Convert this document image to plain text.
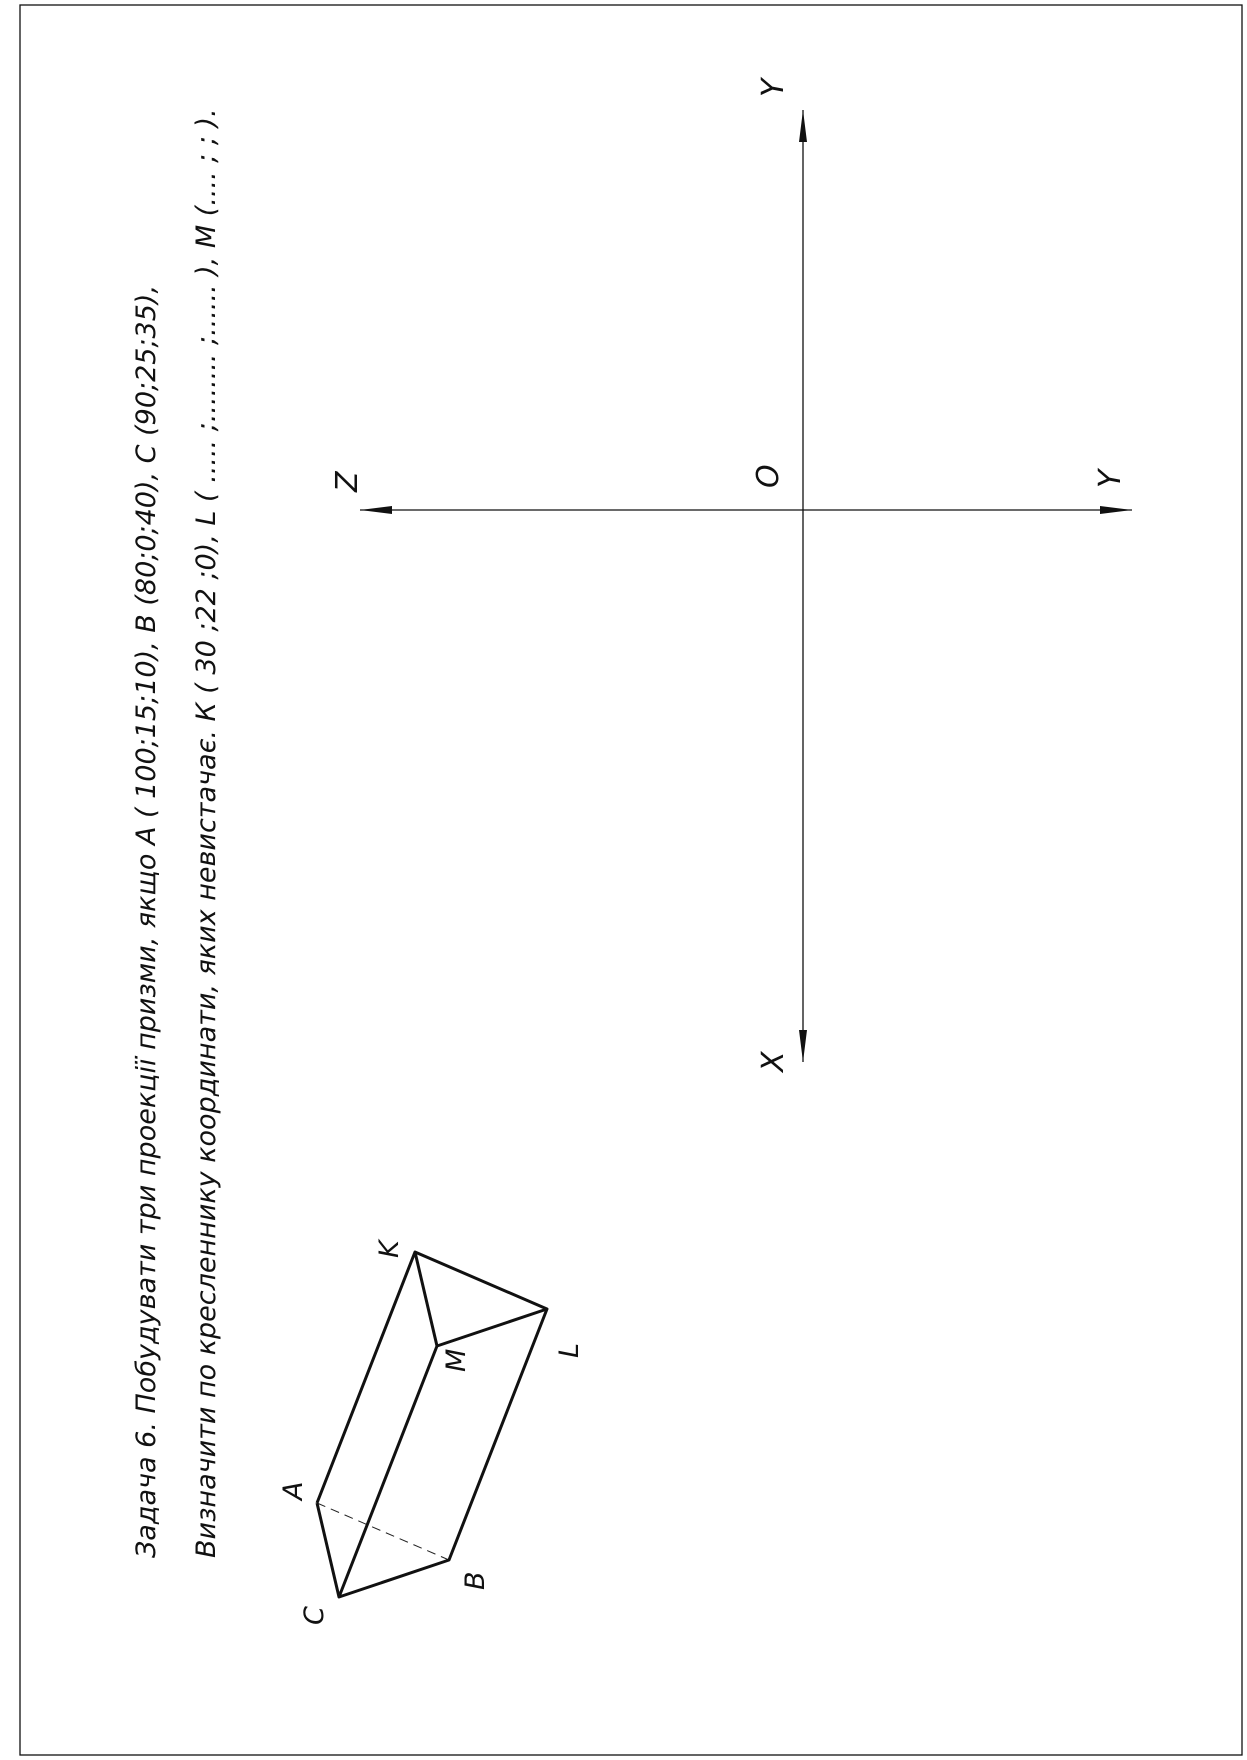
Задача 6. Побудувати три проекції призми, якщо А ( 100;15;10), В (80;0;40), С (90;25;35), Визначити по кресленнику координати, яких невистачає. К ( 30 ;22 ;0), L ( ..... ;........ ;...... ), М (.... ; ; ).	Z	O
Y
Y
X
A
C
B
K
M	L
